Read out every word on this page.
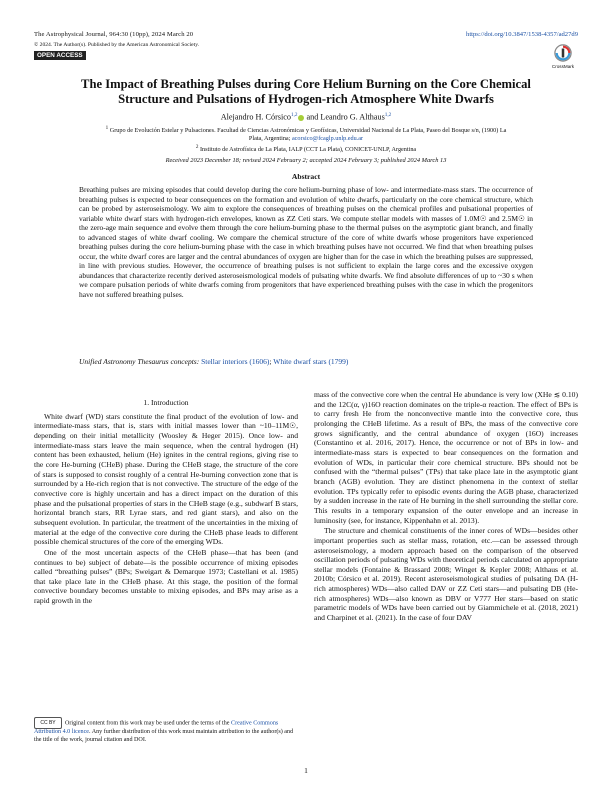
The Astrophysical Journal, 964:30 (10pp), 2024 March 20	https://doi.org/10.3847/1538-4357/ad27d9
© 2024. The Author(s). Published by the American Astronomical Society.
OPEN ACCESS
CrossMark
The Impact of Breathing Pulses during Core Helium Burning on the Core Chemical
Structure and Pulsations of Hydrogen-rich Atmosphere White Dwarfs
Alejandro H. Córsico$^{1,2}$ and Leandro G. Althaus$^{1,2}$
$^1$ Grupo de Evolución Estelar y Pulsaciones. Facultad de Ciencias Astronómicas y Geofísicas, Universidad Nacional de La Plata, Paseo del Bosque s/n, (1900) La
Plata, Argentina; acorsico@fcaglp.unlp.edu.ar
$^2$ Instituto de Astrofísica de La Plata, IALP (CCT La Plata), CONICET-UNLP, Argentina
Received 2023 December 18; revised 2024 February 2; accepted 2024 February 3; published 2024 March 13
Abstract
Breathing pulses are mixing episodes that could develop during the core helium-burning phase of low- and intermediate-mass stars. The occurrence of breathing pulses is expected to bear consequences on the formation and evolution of white dwarfs, particularly on the core chemical structure, which can be probed by asteroseismology. We aim to explore the consequences of breathing pulses on the chemical profiles and pulsational properties of variable white dwarf stars with hydrogen-rich envelopes, known as ZZ Ceti stars. We compute stellar models with masses of 1.0M☉ and 2.5M☉ in the zero-age main sequence and evolve them through the core helium-burning phase to the thermal pulses on the asymptotic giant branch, and finally to advanced stages of white dwarf cooling. We compare the chemical structure of the core of white dwarfs whose progenitors have experienced breathing pulses during the core helium-burning phase with the case in which breathing pulses have not occurred. We find that when breathing pulses occur, the white dwarf cores are larger and the central abundances of oxygen are higher than for the case in which the breathing pulses are suppressed, in line with previous studies. However, the occurrence of breathing pulses is not sufficient to explain the large cores and the excessive oxygen abundances that characterize recently derived asteroseismological models of pulsating white dwarfs. We find absolute differences of up to ~30 s when we compare pulsation periods of white dwarfs coming from progenitors that have experienced breathing pulses with the case in which the progenitors have not suffered breathing pulses.
Unified Astronomy Thesaurus concepts: Stellar interiors (1606); White dwarf stars (1799)
1. Introduction

White dwarf (WD) stars constitute the final product of the evolution of low- and intermediate-mass stars, that is, stars with initial masses lower than ~10–11M☉, depending on their initial metallicity (Woosley & Heger 2015). Once low- and intermediate-mass stars leave the main sequence, when the central hydrogen (H) content has been exhausted, helium (He) ignites in the central regions, giving rise to the core He-burning (CHeB) phase. During the CHeB stage, the structure of the core of stars is supposed to consist roughly of a central He-burning convection zone that is surrounded by a He-rich region that is not convective. The structure of the edge of the convective core is highly uncertain and has a direct impact on the duration of this phase and the pulsational properties of stars in the CHeB stage (e.g., subdwarf B stars, horizontal branch stars, RR Lyrae stars, and red giant stars), and also on the subsequent evolution. In particular, the treatment of the uncertainties in the mixing of material at the edge of the convective core during the CHeB phase leads to different possible chemical structures of the core of the emerging WDs.

One of the most uncertain aspects of the CHeB phase—that has been (and continues to be) subject of debate—is the possible occurrence of mixing episodes called “breathing pulses” (BPs; Sweigart & Demarque 1973; Castellani et al. 1985) that take place late in the CHeB phase. At this stage, the position of the formal convective boundary becomes unstable to mixing episodes, and BPs may arise as a rapid growth in the

mass of the convective core when the central He abundance is very low (XHe ≲ 0.10) and the 12C(α, γ)16O reaction dominates on the triple-α reaction. The effect of BPs is to carry fresh He from the nonconvective mantle into the convective core, thus prolonging the CHeB lifetime. As a result of BPs, the mass of the convective core grows significantly, and the central abundance of oxygen (16O) increases (Constantino et al. 2016, 2017). Hence, the occurrence or not of BPs in low- and intermediate-mass stars is expected to bear consequences on the formation and evolution of WDs, in particular their core chemical structure. BPs should not be confused with the “thermal pulses” (TPs) that take place late in the asymptotic giant branch (AGB) evolution. They are distinct phenomena in the context of stellar evolution. TPs typically refer to episodic events during the AGB phase, characterized by a sudden increase in the rate of He burning in the shell surrounding the stellar core. This results in a temporary expansion of the outer envelope and an increase in luminosity (see, for instance, Kippenhahn et al. 2013).

The structure and chemical constituents of the inner cores of WDs—besides other important properties such as stellar mass, rotation, etc.—can be assessed through asteroseismology, a modern approach based on the comparison of the observed oscillation periods of pulsating WDs with theoretical periods calculated on appropriate stellar models (Fontaine & Brassard 2008; Winget & Kepler 2008; Althaus et al. 2010b; Córsico et al. 2019). Recent asteroseismological studies of pulsating DA (H-rich atmospheres) WDs—also called DAV or ZZ Ceti stars—and pulsating DB (He-rich atmospheres) WDs—also known as DBV or V777 Her stars—based on static parametric models of WDs have been carried out by Giammichele et al. (2018, 2021) and Charpinet et al. (2021). In the case of four DAV

CC BY Original content from this work may be used under the terms of the Creative Commons Attribution 4.0 licence. Any further distribution of this work must maintain attribution to the author(s) and the title of the work, journal citation and DOI.
1
